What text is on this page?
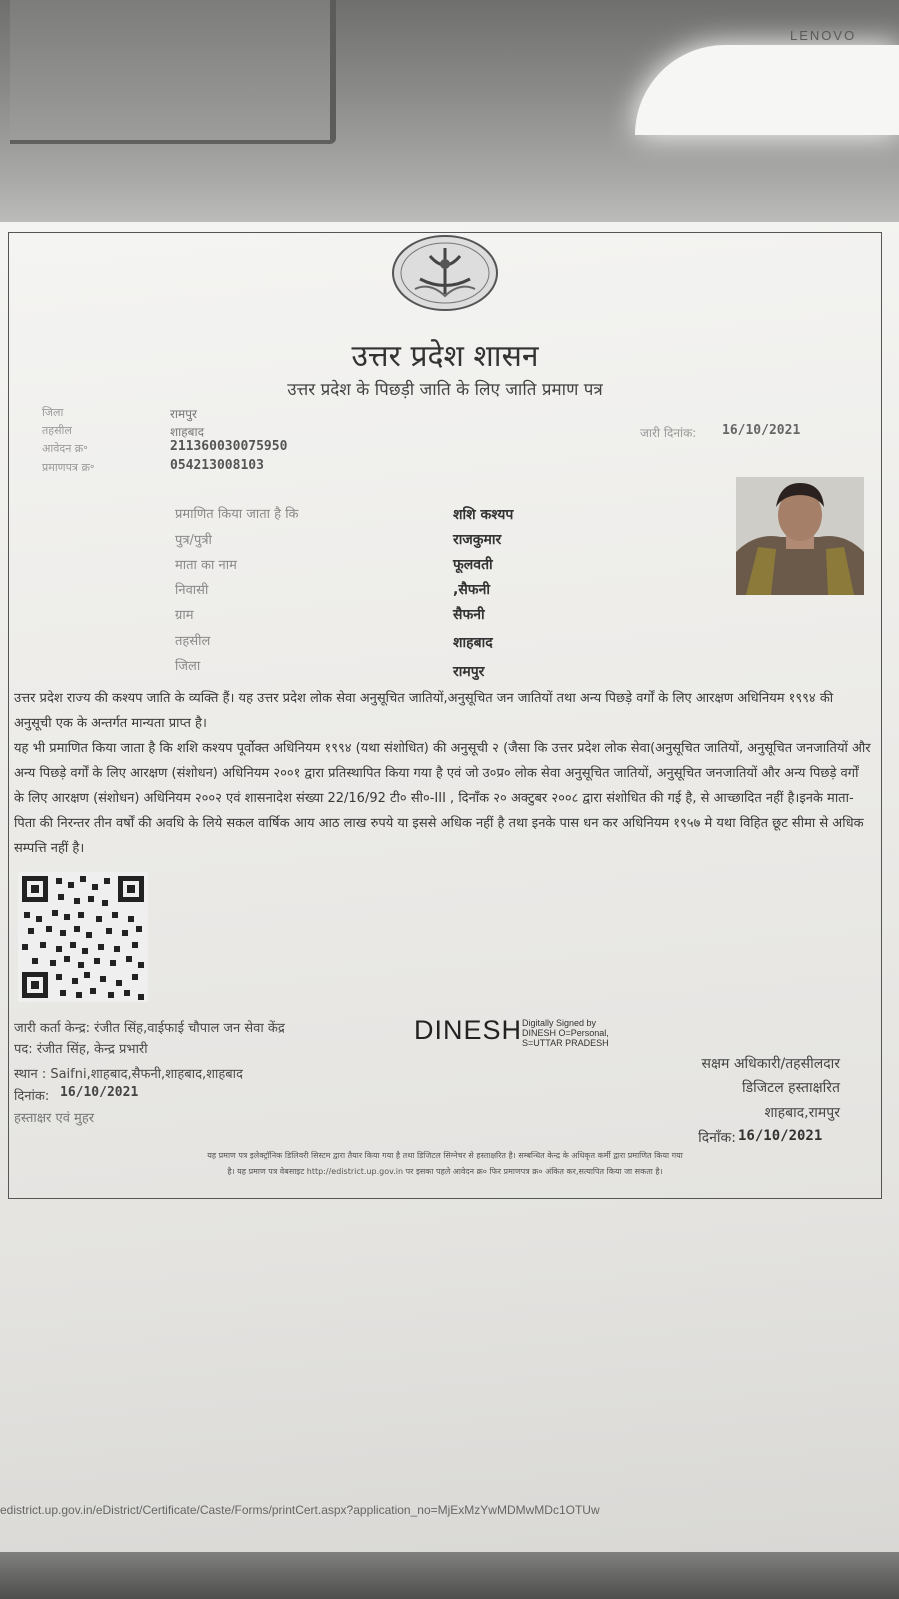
LENOVO
उत्तर प्रदेश शासन
उत्तर प्रदेश के पिछड़ी जाति के लिए जाति प्रमाण पत्र
जिला	रामपुर
तहसील	शाहबाद
आवेदन क्र॰	211360030075950
प्रमाणपत्र क्र॰	054213008103
जारी दिनांक: 16/10/2021
प्रमाणित किया जाता है कि	शशि कश्यप
पुत्र/पुत्री	राजकुमार
माता का नाम	फूलवती
निवासी	,सैफनी
ग्राम	सैफनी
तहसील	शाहबाद
जिला	रामपुर

उत्तर प्रदेश राज्य की कश्यप जाति के व्यक्ति हैं। यह उत्तर प्रदेश लोक सेवा अनुसूचित जातियों,अनुसूचित जन जातियों तथा अन्य पिछड़े वर्गों के लिए आरक्षण अधिनियम १९९४ की अनुसूची एक के अन्तर्गत मान्यता प्राप्त है।

यह भी प्रमाणित किया जाता है कि शशि कश्यप पूर्वोक्त अधिनियम १९९४ (यथा संशोधित) की अनुसूची २ (जैसा कि उत्तर प्रदेश लोक सेवा(अनुसूचित जातियों, अनुसूचित जनजातियों और अन्य पिछड़े वर्गों के लिए आरक्षण (संशोधन) अधिनियम २००१ द्वारा प्रतिस्थापित किया गया है एवं जो उ०प्र० लोक सेवा अनुसूचित जातियों, अनुसूचित जनजातियों और अन्य पिछड़े वर्गों के लिए आरक्षण (संशोधन) अधिनियम २००२ एवं शासनादेश संख्या 22/16/92 टी० सी०-III , दिनाँक २० अक्टुबर २००८ द्वारा संशोधित की गई है, से आच्छादित नहीं है।इनके माता-पिता की निरन्तर तीन वर्षों की अवधि के लिये सकल वार्षिक आय आठ लाख रुपये या इससे अधिक नहीं है तथा इनके पास धन कर अधिनियम १९५७ मे यथा विहित छूट सीमा से अधिक सम्पत्ति नहीं है।

जारी कर्ता केन्द्र: रंजीत सिंह,वाईफाई चौपाल जन सेवा केंद्र
पद: रंजीत सिंह, केन्द्र प्रभारी
स्थान : Saifni,शाहबाद,सैफनी,शाहबाद,शाहबाद
दिनांक: 16/10/2021
हस्ताक्षर एवं मुहर
DINESH Digitally Signed by
DINESH O=Personal,
S=UTTAR PRADESH
सक्षम अधिकारी/तहसीलदार
डिजिटल हस्ताक्षरित
शाहबाद,रामपुर
दिनाँक: 16/10/2021
यह प्रमाण पत्र इलेक्ट्रॉनिक डिलिवरी सिस्टम द्वारा तैयार किया गया है तथा डिजिटल सिग्नेचर से हस्ताक्षरित है। सम्बन्धित केन्द्र के अधिकृत कर्मी द्वारा प्रमाणित किया गया
है। यह प्रमाण पत्र वेबसाइट http://edistrict.up.gov.in पर इसका पहले आवेदन क्र० फिर प्रमाणपत्र क्र० अंकित कर,सत्यापित किया जा सकता है।
edistrict.up.gov.in/eDistrict/Certificate/Caste/Forms/printCert.aspx?application_no=MjExMzYwMDMwMDc1OTUw
